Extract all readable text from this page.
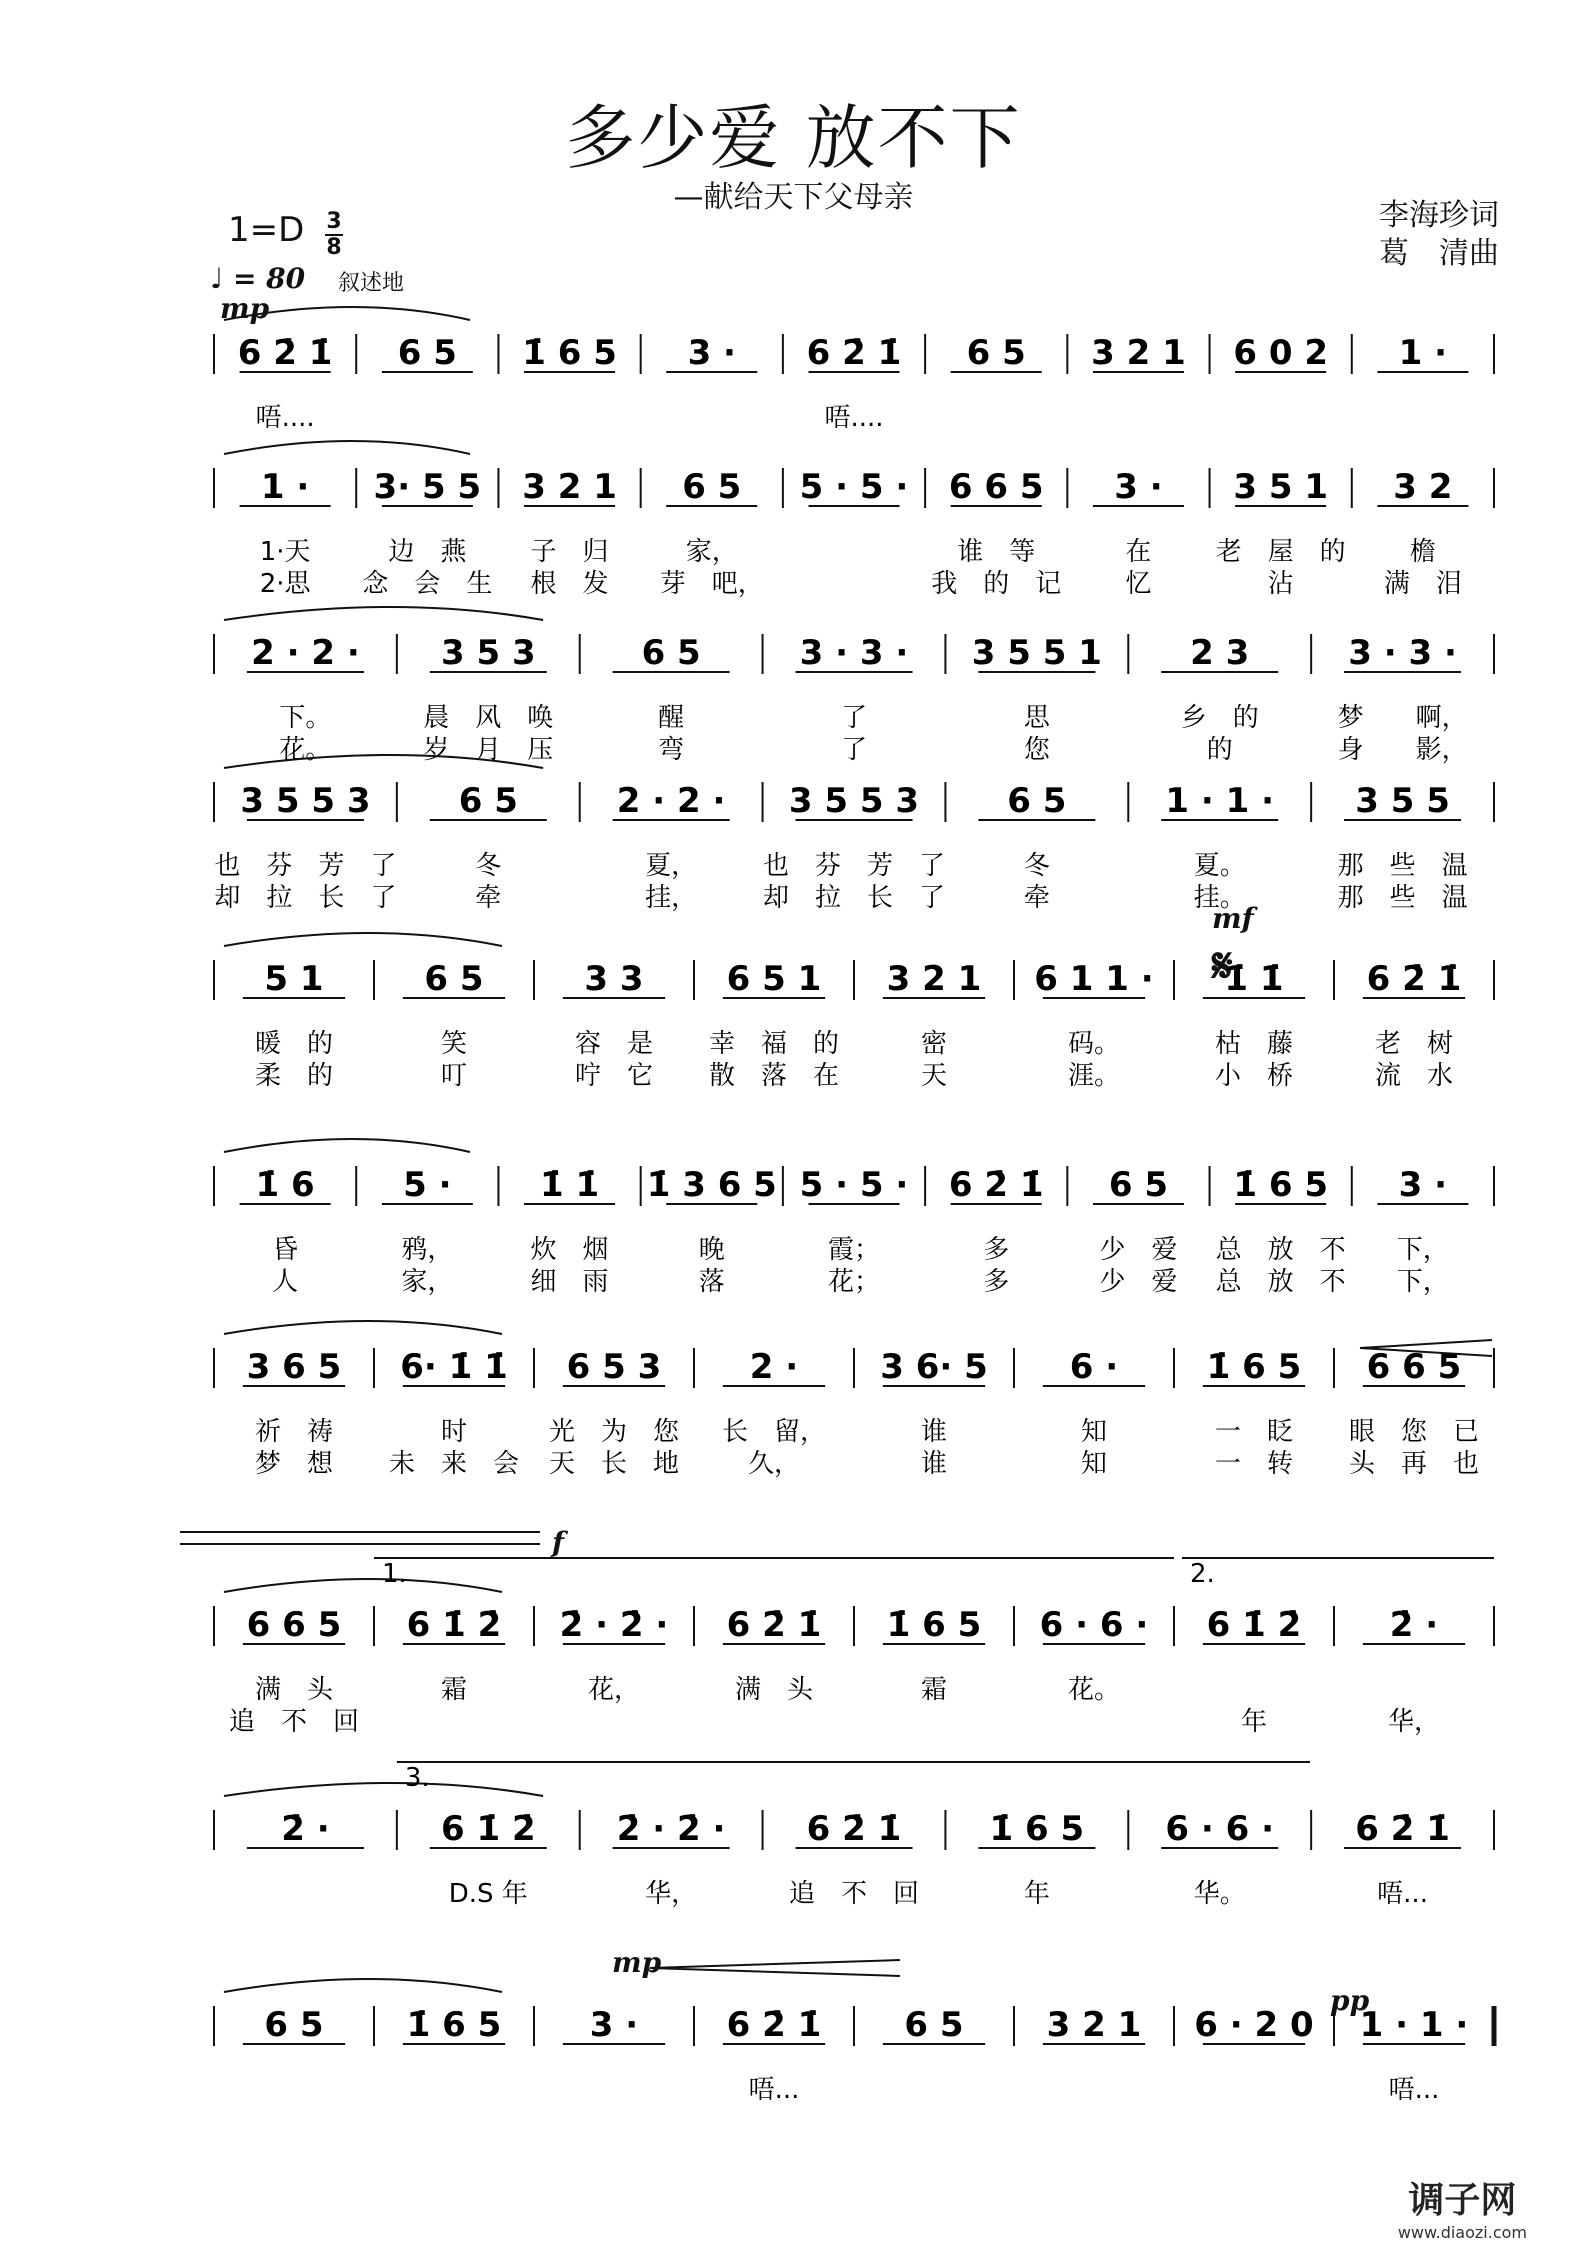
多少爱 放不下
—献给天下父母亲
李海珍词
葛　清曲
1=D 3
8
♩ = 80 叙述地
mp
mf
𝄋
f
mp
pp
6 2̇ 1̇ 6 5 1̇ 6 5 3 · 6 2̇ 1̇ 6 5 3 2 1 6 0 2 1 ·
唔....	唔....
1 · 3· 5 5 3 2 1 6 5 5 · 5 · 6 6 5 3 · 3 5 1 3 2
1·天	边　燕 子　归	家，	谁　等	在 老　屋　的 檐
2·思 念　会　生 根　发 芽　吧，	我　的　记 忆	沾	满　泪
2 · 2 · 3 5 3	6 5	3 · 3 · 3 5 5 1	2 3	3 · 3 ·
下。	晨　风　唤	醒	了	思	乡　的	梦　　啊，
花。	岁　月　压	弯	了	您	的	身　　影，
3 5 5 3	6 5	2 · 2 · 3 5 5 3	6 5	1 · 1 · 3 5 5
也　芬　芳　了	冬	夏，	也　芬　芳　了	冬	夏。	那　些　温
却　拉　长　了	牵	挂，	却　拉　长　了	牵	挂。	那　些　温
5 1	6 5	3 3 6 5 1 3 2 1 6 1 1 · 1̇ 1̇ 6 2̇ 1̇
暖　的	笑	容　是 幸　福　的	密	码。	枯　藤	老　树
柔　的	叮	咛　它 散　落　在	天	涯。	小　桥	流　水
1̇ 6	5 ·	1̇ 1̇ 1̇ 3 6 5 5 · 5 · 6 2̇ 1̇ 6 5 1̇ 6 5 3 ·
昏	鸦，	炊　烟	晚	霞；	多	少　爱 总　放　不 下，
人	家，	细　雨	落	花；	多	少　爱 总　放　不 下，
3 6 5 6· 1̇ 1̇ 6 5 3	2 · 3 6· 5 6 ·	1̇ 6 5 6 6 5
祈　祷	时	光　为　您 长　留，	谁	知	一　眨 眼　您　已
梦　想 未　来　会 天　长　地	久，	谁	知	一　转 头　再　也
6 6 5 6 1̇ 2̇ 2̇ · 2̇ · 6 2̇ 1̇ 1̇ 6 5 6 · 6 · 6 1̇ 2̇	2̇ ·
满　头	霜	花，	满　头	霜	花。
追　不　回	年	华，
1.	2.
2̇ ·	6 1̇ 2̇ 2̇ · 2̇ · 6 2̇ 1̇	1̇ 6 5 6 · 6 · 6 2̇ 1̇
D.S 年	华，	追　不　回	年	华。	唔...
3.
6 5 1̇ 6 5	3 ·	6 2̇ 1̇ 6 5 3 2 1 6 · 2 0 1 · 1 ·
唔...	唔...
调子网
www.diaozi.com
